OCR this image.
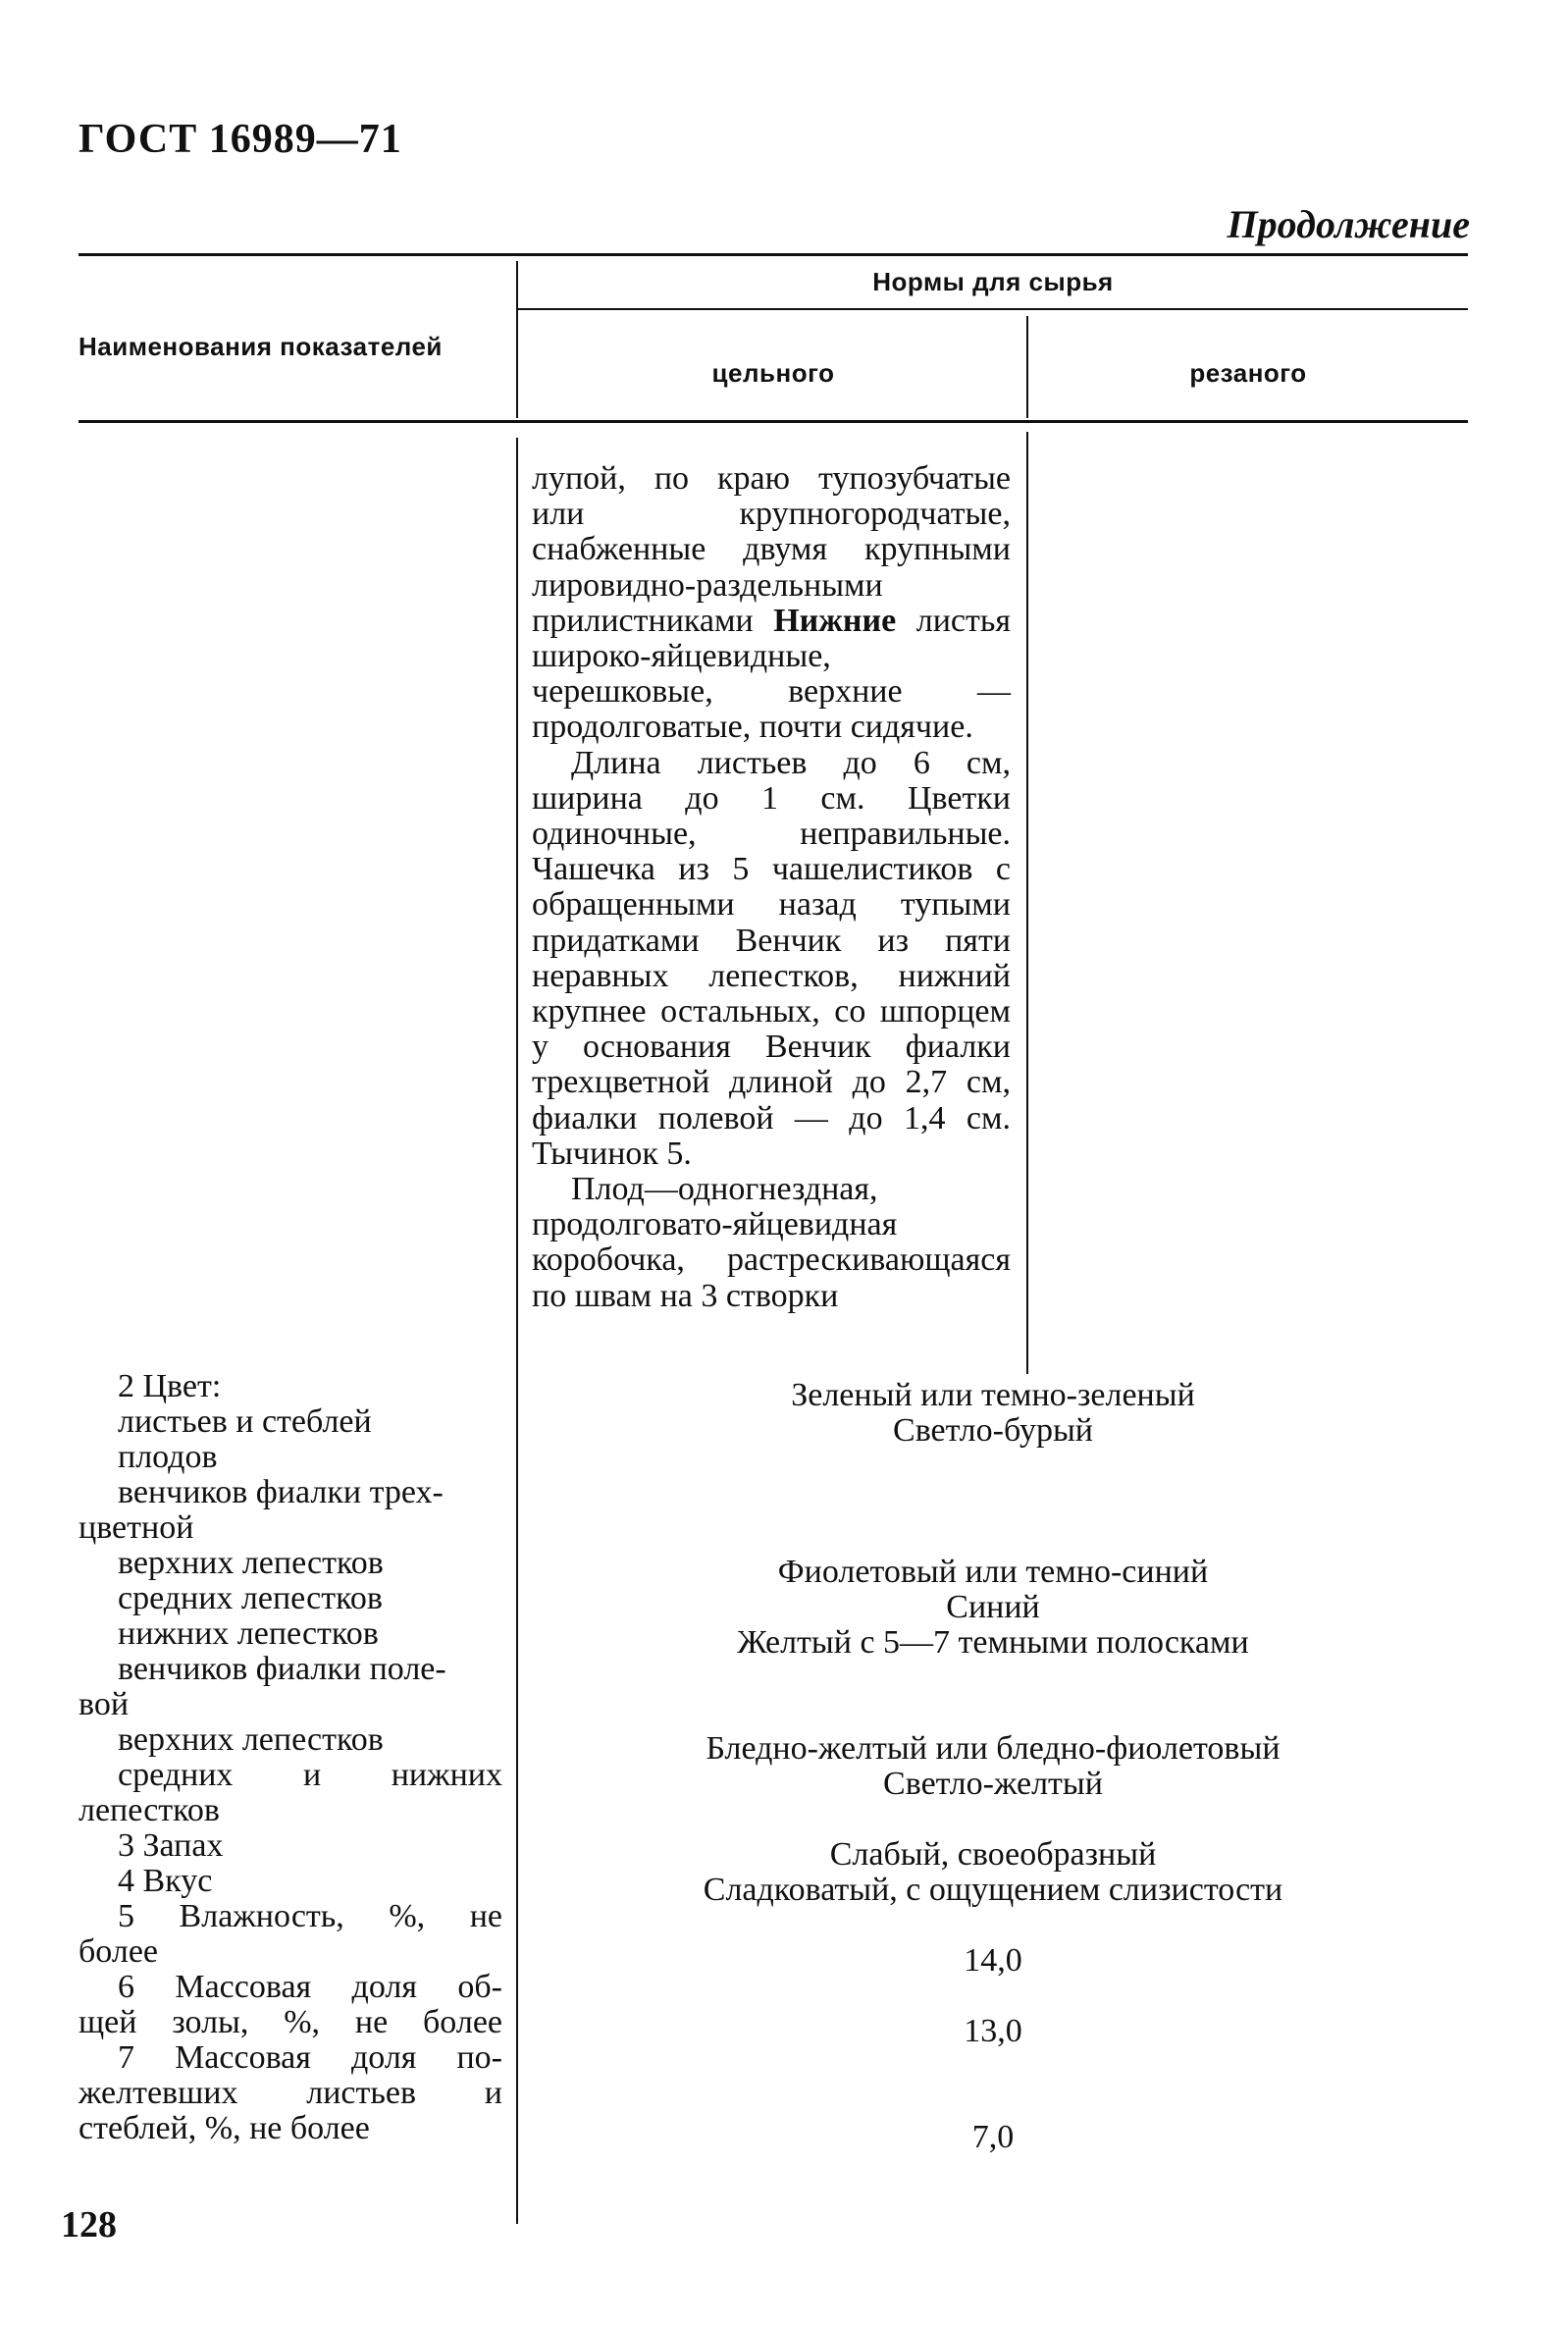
ГОСТ 16989—71
Продолжение
Нормы для сырья
Наименования показателей
цельного	резаного

лупой, по краю тупозубчатые или крупногородчатые, снабженные двумя крупными лировидно-раздельными прилистниками Нижние листья широко-яйцевидные, черешковые, верхние — продолговатые, почти сидячие.

Длина листьев до 6 см, ширина до 1 см. Цветки одиночные, неправильные. Чашечка из 5 чашелистиков с обращенными назад тупыми придатками Венчик из пяти неравных лепестков, нижний крупнее остальных, со шпорцем у основания Венчик фиалки трехцветной длиной до 2,7 см, фиалки полевой — до 1,4 см. Тычинок 5.

Плод—одногнездная, продолговато-яйцевидная коробочка, растрескивающаяся по швам на 3 створки

2 Цвет:
листьев и стеблей
плодов
венчиков фиалки трех-
цветной
верхних лепестков
средних лепестков
нижних лепестков
венчиков фиалки поле-
вой
верхних лепестков
средних и нижних
лепестков
3 Запах
4 Вкус
5 Влажность, %, не
более
6 Массовая доля об-
щей золы, %, не более
7 Массовая доля по-
желтевших листьев и
стеблей, %, не более
Зеленый или темно-зеленый
Светло-бурый
Фиолетовый или темно-синий
Синий
Желтый с 5—7 темными полосками
Бледно-желтый или бледно-фиолетовый
Светло-желтый
Слабый, своеобразный
Сладковатый, с ощущением слизистости
14,0
13,0
7,0
128
